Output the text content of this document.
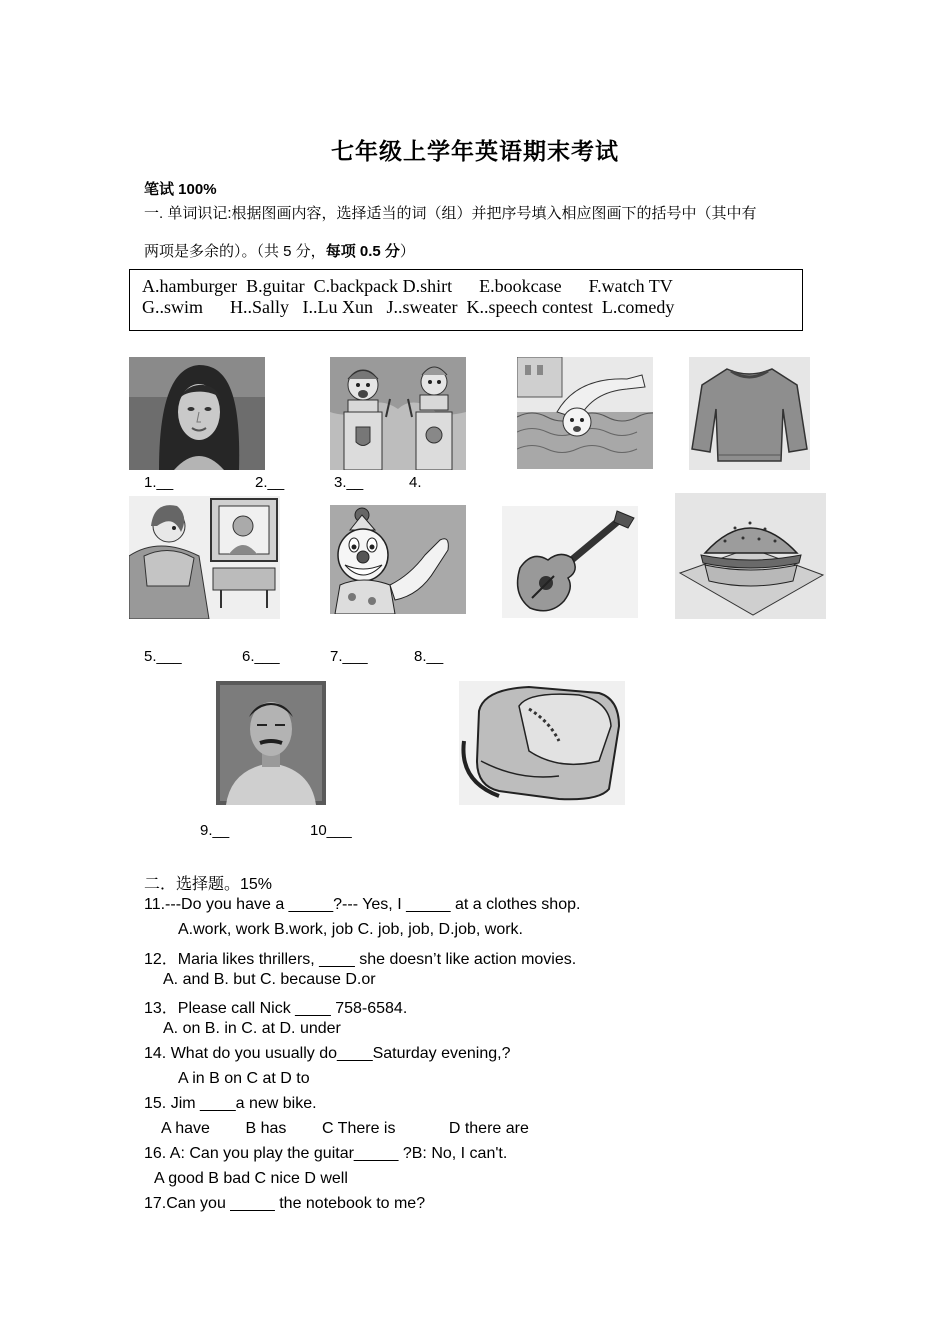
七年级上学年英语期末考试
笔试 100%
一. 单词识记:根据图画内容，选择适当的词（组）并把序号填入相应图画下的括号中（其中有
两项是多余的）。（共 5 分，每项 0.5 分）
A.hamburger  B.guitar  C.backpack D.shirt      E.bookcase      F.watch TV
G..swim      H..Sally   I..Lu Xun   J..sweater  K..speech contest  L.comedy
1.__	2.__	3.__	4.
5.___	6.___	7.___	8.__
9.__	10___
二．选择题。15%
11.---Do you have a _____?--- Yes, I _____ at a clothes shop.
A.work, work B.work, job C. job, job, D.job, work.
12．Maria likes thrillers, ____ she doesn’t like action movies.
A. and B. but C. because D.or
13．Please call Nick ____ 758-6584.
A. on B. in C. at D. under
14. What do you usually do____Saturday evening,?
A in B on C at D to
15. Jim ____a new bike.
A have        B has        C There is            D there are
16. A: Can you play the guitar_____ ?B: No, I can't.
A good B bad C nice D well
17.Can you _____ the notebook to me?
